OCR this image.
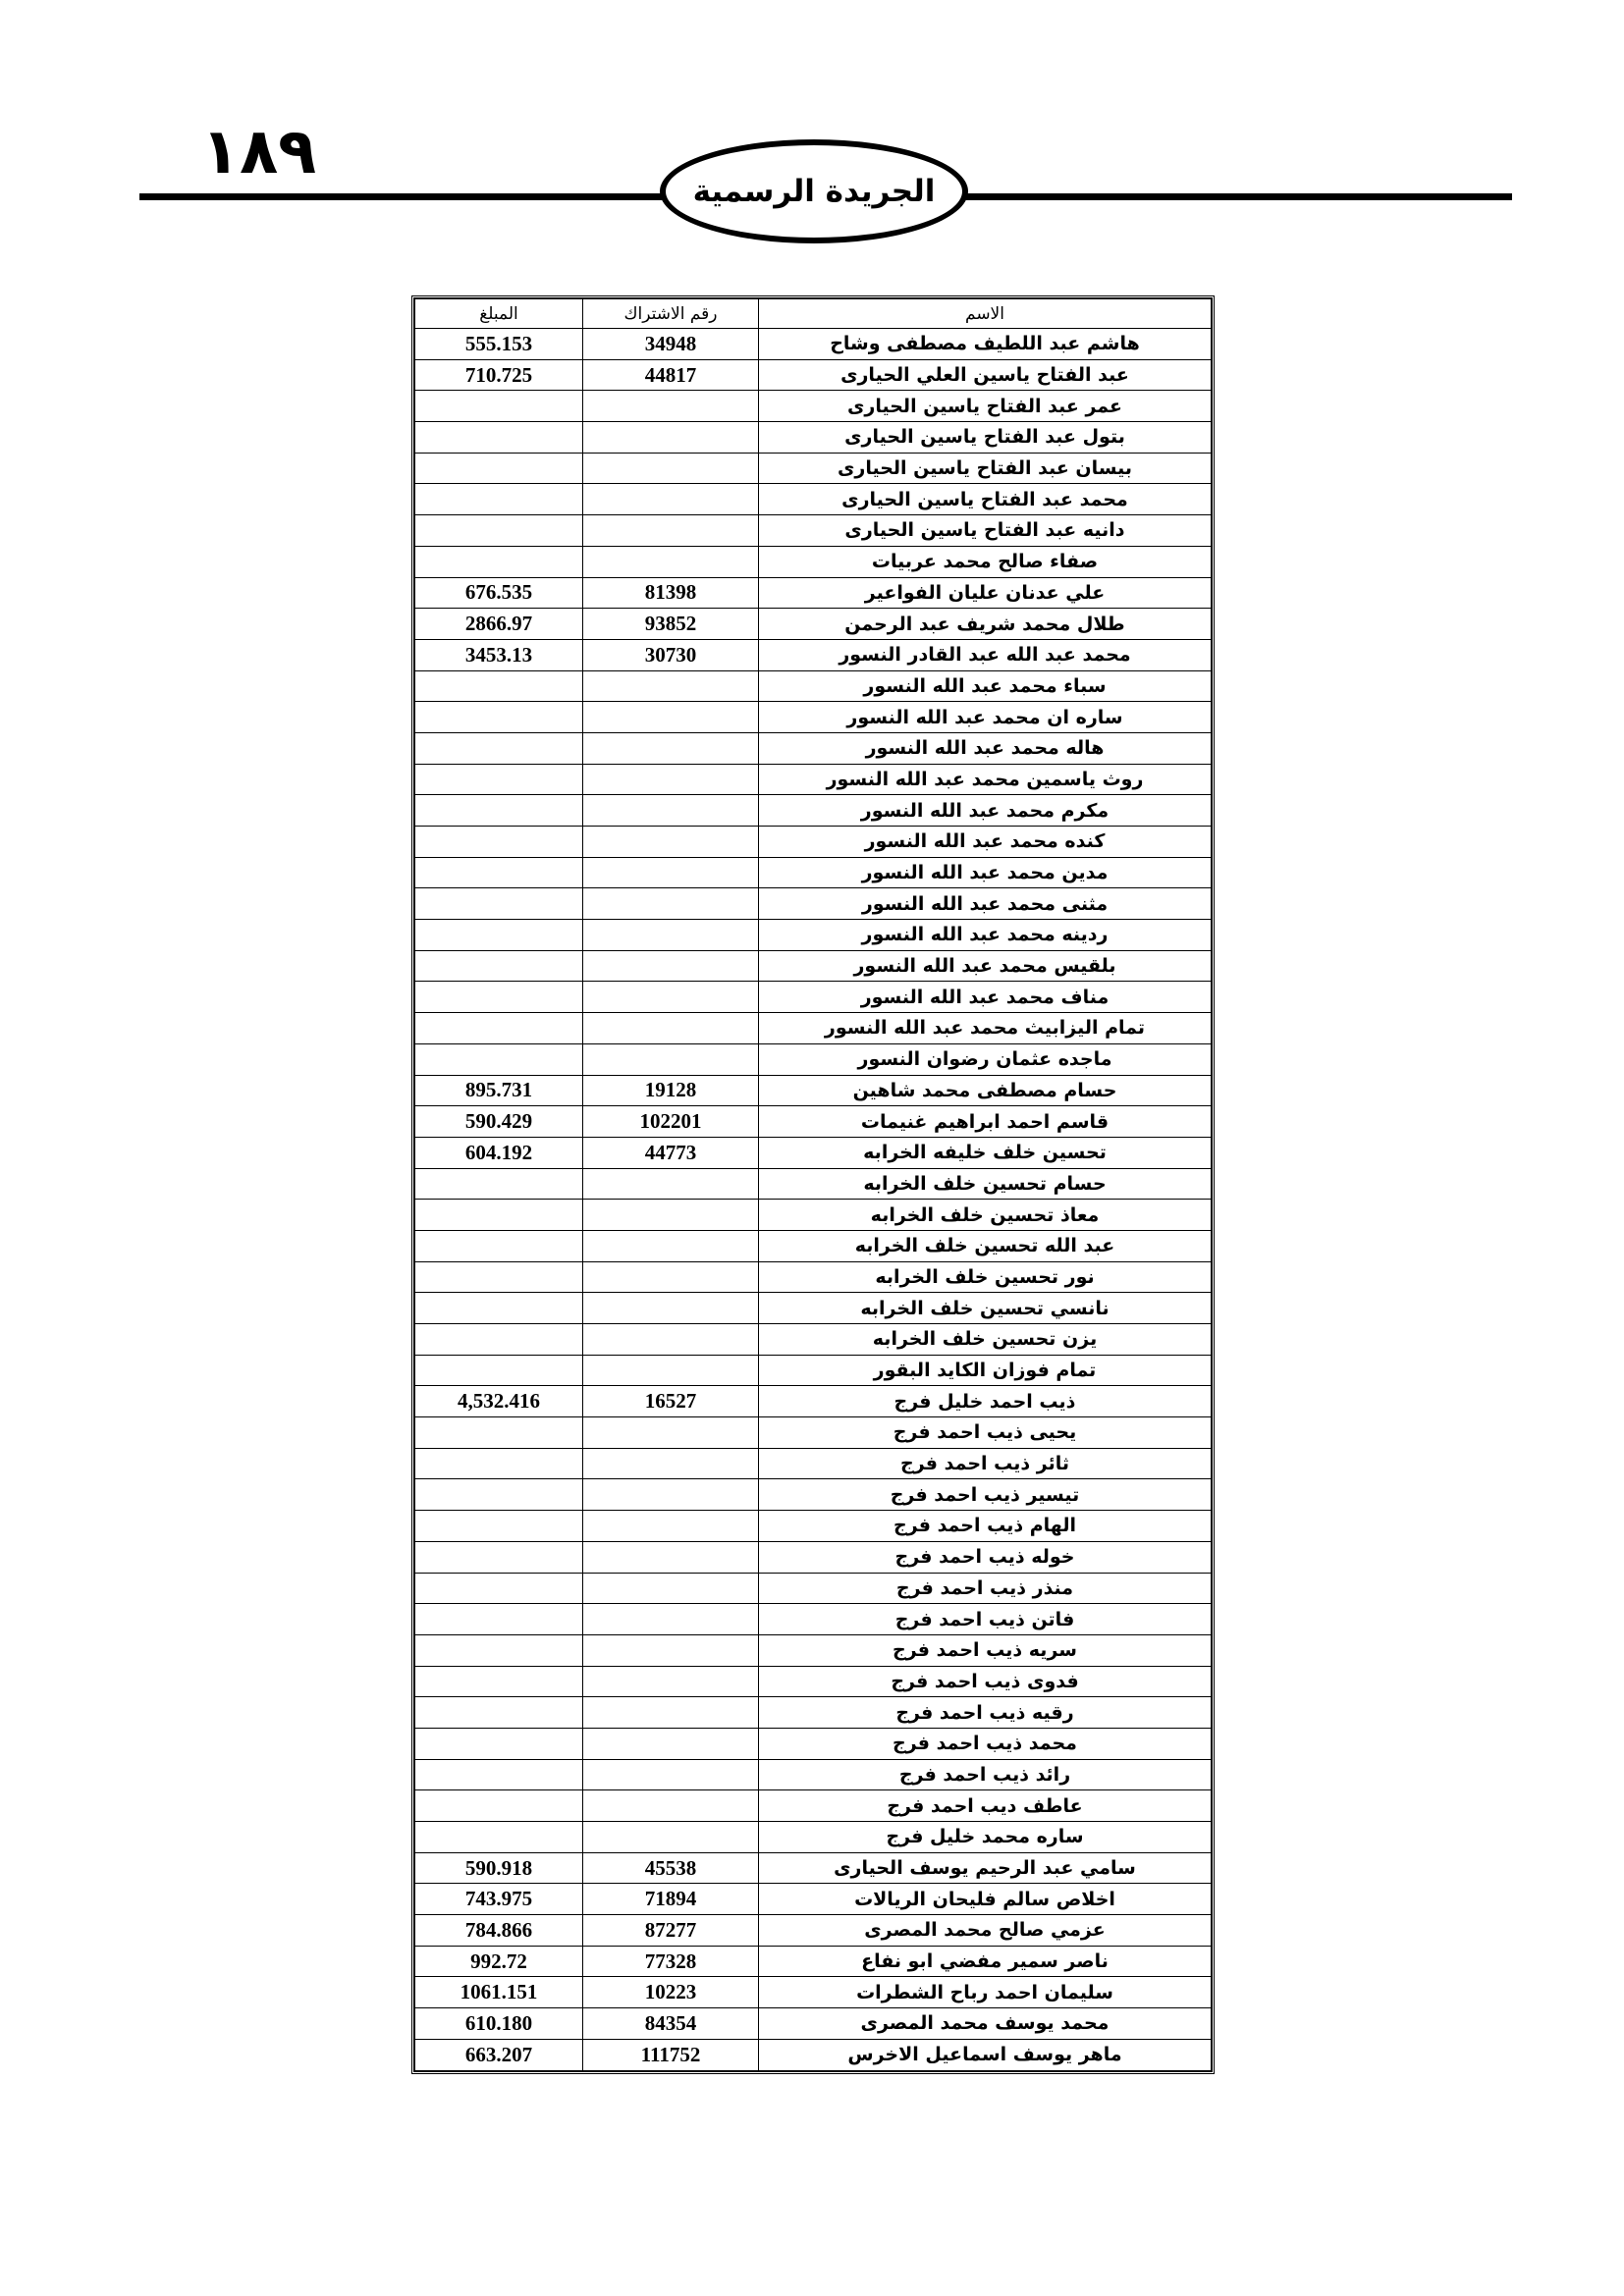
١٨٩
الجريدة الرسمية
المبلغ	رقم الاشتراك	الاسم
555.153	34948	هاشم عبد اللطيف مصطفى وشاح
710.725	44817	عبد الفتاح ياسين العلي الحيارى
		عمر عبد الفتاح ياسين الحيارى
		بتول عبد الفتاح ياسين الحيارى
		بيسان عبد الفتاح ياسين الحيارى
		محمد عبد الفتاح ياسين الحيارى
		دانيه عبد الفتاح ياسين الحيارى
		صفاء صالح محمد عربيات
676.535	81398	علي عدنان عليان الفواعير
2866.97	93852	طلال محمد شريف عبد الرحمن
3453.13	30730	محمد عبد الله عبد القادر النسور
		سباء محمد عبد الله النسور
		ساره ان محمد عبد الله النسور
		هاله محمد عبد الله النسور
		روث ياسمين محمد عبد الله النسور
		مكرم محمد عبد الله النسور
		كنده محمد عبد الله النسور
		مدين محمد عبد الله النسور
		مثنى محمد عبد الله النسور
		ردينه محمد عبد الله النسور
		بلقيس محمد عبد الله النسور
		مناف محمد عبد الله النسور
		تمام اليزابيث محمد عبد الله النسور
		ماجده عثمان رضوان النسور
895.731	19128	حسام مصطفى محمد شاهين
590.429	102201	قاسم احمد ابراهيم غنيمات
604.192	44773	تحسين خلف خليفه الخرابه
		حسام تحسين خلف الخرابه
		معاذ تحسين خلف الخرابه
		عبد الله تحسين خلف الخرابه
		نور تحسين خلف الخرابه
		نانسي تحسين خلف الخرابه
		يزن تحسين خلف الخرابه
		تمام فوزان الكايد البقور
4,532.416	16527	ذيب احمد خليل فرج
		يحيى ذيب احمد فرج
		ثائر ذيب احمد فرج
		تيسير ذيب احمد فرج
		الهام ذيب احمد فرج
		خوله ذيب احمد فرج
		منذر ذيب احمد فرج
		فاتن ذيب احمد فرج
		سريه ذيب احمد فرج
		فدوى ذيب احمد فرج
		رقيه ذيب احمد فرج
		محمد ذيب احمد فرج
		رائد ذيب احمد فرج
		عاطف ديب احمد فرج
		ساره محمد خليل فرج
590.918	45538	سامي عبد الرحيم يوسف الحيارى
743.975	71894	اخلاص سالم فليحان الريالات
784.866	87277	عزمي صالح محمد المصرى
992.72	77328	ناصر سمير مفضي ابو نفاع
1061.151	10223	سليمان احمد رباح الشطرات
610.180	84354	محمد يوسف محمد المصرى
663.207	111752	ماهر يوسف اسماعيل الاخرس
